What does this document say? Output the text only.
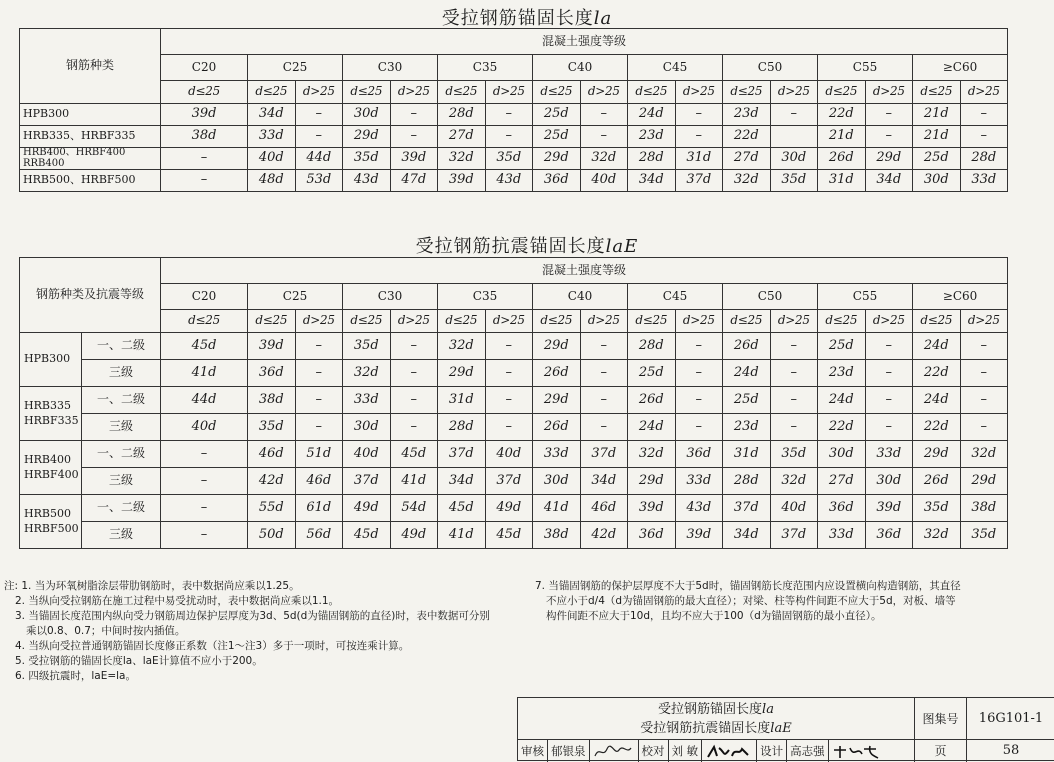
受拉钢筋锚固长度la
钢筋种类	混凝土强度等级																
	C20	C25		C30		C35		C40		C45		C50		C55		≥C60	
	d≤25	d≤25	d>25	d≤25	d>25	d≤25	d>25	d≤25	d>25	d≤25	d>25	d≤25	d>25	d≤25	d>25	d≤25	d>25
HPB300	39d	34d	–	30d	–	28d	–	25d	–	24d	–	23d	–	22d	–	21d	–
HRB335、HRBF335	38d	33d	–	29d	–	27d	–	25d	–	23d	–	22d		21d	–	21d	–
HRB400、HRBF400 RRB400	–	40d	44d	35d	39d	32d	35d	29d	32d	28d	31d	27d	30d	26d	29d	25d	28d
HRB500、HRBF500	–	48d	53d	43d	47d	39d	43d	36d	40d	34d	37d	32d	35d	31d	34d	30d	33d
受拉钢筋抗震锚固长度laE
钢筋种类及抗震等级		混凝土强度等级																
		C20	C25		C30		C35		C40		C45		C50		C55		≥C60	
		d≤25	d≤25	d>25	d≤25	d>25	d≤25	d>25	d≤25	d>25	d≤25	d>25	d≤25	d>25	d≤25	d>25	d≤25	d>25

HPB300	一、二级	45d	39d	–	35d	–	32d	–	29d	–	28d	–	26d	–	25d	–	24d	–
	三级	41d	36d	–	32d	–	29d	–	26d	–	25d	–	24d	–	23d	–	22d	–

HRB335
HRBF335	一、二级	44d	38d	–	33d	–	31d	–	29d	–	26d	–	25d	–	24d	–	24d	–
	三级	40d	35d	–	30d	–	28d	–	26d	–	24d	–	23d	–	22d	–	22d	–

HRB400
HRBF400	一、二级	–	46d	51d	40d	45d	37d	40d	33d	37d	32d	36d	31d	35d	30d	33d	29d	32d
	三级	–	42d	46d	37d	41d	34d	37d	30d	34d	29d	33d	28d	32d	27d	30d	26d	29d

HRB500
HRBF500	一、二级	–	55d	61d	49d	54d	45d	49d	41d	46d	39d	43d	37d	40d	36d	39d	35d	38d
	三级	–	50d	56d	45d	49d	41d	45d	38d	42d	36d	39d	34d	37d	33d	36d	32d	35d

注: 1. 当为环氧树脂涂层带肋钢筋时，表中数据尚应乘以1.25。

2. 当纵向受拉钢筋在施工过程中易受扰动时，表中数据尚应乘以1.1。

3. 当锚固长度范围内纵向受力钢筋周边保护层厚度为3d、5d(d为锚固钢筋的直径)时，表中数据可分别乘以0.8、0.7；中间时按内插值。

4. 当纵向受拉普通钢筋锚固长度修正系数（注1～注3）多于一项时，可按连乘计算。

5. 受拉钢筋的锚固长度la、laE计算值不应小于200。

6. 四级抗震时，laE=la。

7. 当锚固钢筋的保护层厚度不大于5d时，锚固钢筋长度范围内应设置横向构造钢筋，其直径不应小于d/4（d为锚固钢筋的最大直径）；对梁、柱等构件间距不应大于5d，对板、墙等构件间距不应大于10d，且均不应大于100（d为锚固钢筋的最小直径）。

受拉钢筋锚固长度la
受拉钢筋抗震锚固长度laE
图集号	16G101-1
审核 郁银泉	校对 刘 敏	设计 高志强	页	58
